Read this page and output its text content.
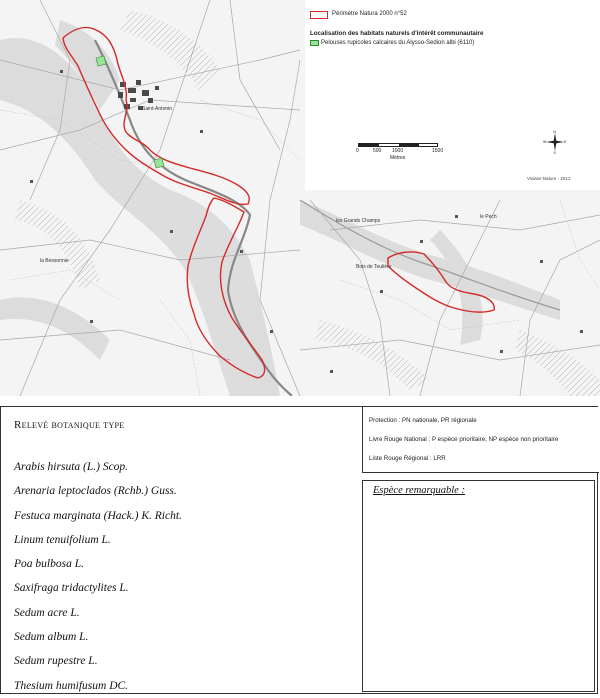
Saint-Antonin
les Grands Champs
le Pech
Bois de Teulière
la Bessonnie
Périmètre Natura 2000 n°52
Localisation des habitats naturels d'intérêt communautaire
Pelouses rupicoles calcaires du Alysso-Sedion albi (6110)
0	500 1000	1500
Mètres
N
S
E
W
Viviane Nature - 2012
Relevé botanique type
Arabis hirsuta (L.) Scop.
Arenaria leptoclados (Rchb.) Guss.
Festuca marginata (Hack.) K. Richt.
Linum tenuifolium L.
Poa bulbosa L.
Saxifraga tridactylites L.
Sedum acre L.
Sedum album L.
Sedum rupestre L.
Thesium humifusum DC.
Protection : PN nationale, PR régionale
Livre Rouge National : P espèce prioritaire, NP espèce non prioritaire
Liste Rouge Régional : LRR
Espèce remarquable :
